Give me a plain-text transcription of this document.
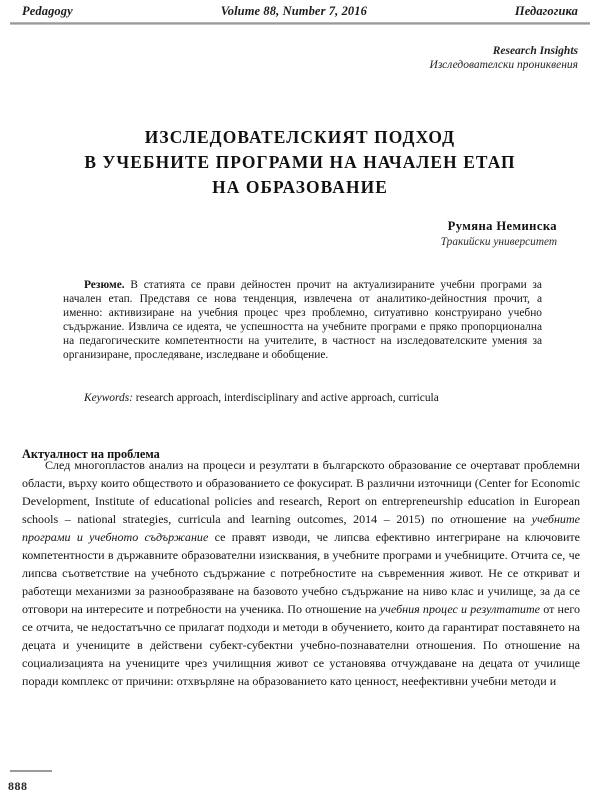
Pedagogy	Volume 88, Number 7, 2016	Педагогика
Research Insights
Изследователски прониквения
ИЗСЛЕДОВАТЕЛСКИЯТ ПОДХОД
В УЧЕБНИТЕ ПРОГРАМИ НА НАЧАЛЕН ЕТАП
НА ОБРАЗОВАНИЕ
Румяна Неминска
Тракийски университет

Резюме. В статията се прави дейностен прочит на актуализираните учебни програми за начален етап. Представя се нова тенденция, извлечена от аналитико-дейностния прочит, а именно: активизиране на учебния процес чрез проблемно, ситуативно конструирано учебно съдържание. Извлича се идеята, че успешността на учебните програми е пряко пропорционална на педагогическите компетентности на учителите, в частност на изследователските умения за организиране, проследяване, изследване и обобщение.

Keywords: research approach, interdisciplinary and active approach, curricula
Актуалност на проблема

След многопластов анализ на процеси и резултати в българското образование се очертават проблемни области, върху които обществото и образованието се фокусират. В различни източници (Center for Economic Development, Institute of educational policies and research, Report on entrepreneurship education in European schools – national strategies, curricula and learning outcomes, 2014 – 2015) по отношение на учебните програми и учебното съдържание се правят изводи, че липсва ефективно интегриране на ключовите компетентности в държавните образователни изисквания, в учебните програми и учебниците. Отчита се, че липсва съответствие на учебното съдържание с потребностите на съвременния живот. Не се откриват и работещи механизми за разнообразяване на базовото учебно съдържание на ниво клас и училище, за да се отговори на интересите и потребности на ученика. По отношение на учебния процес и резултатите от него се отчита, че недостатъчно се прилагат подходи и методи в обучението, които да гарантират поставянето на децата и учениците в действени субект-субектни учебно-познавателни отношения. По отношение на социализацията на учениците чрез училищния живот се установява отчуждаване на децата от училище поради комплекс от причини: отхвърляне на образованието като ценност, неефективни учебни методи и

888
